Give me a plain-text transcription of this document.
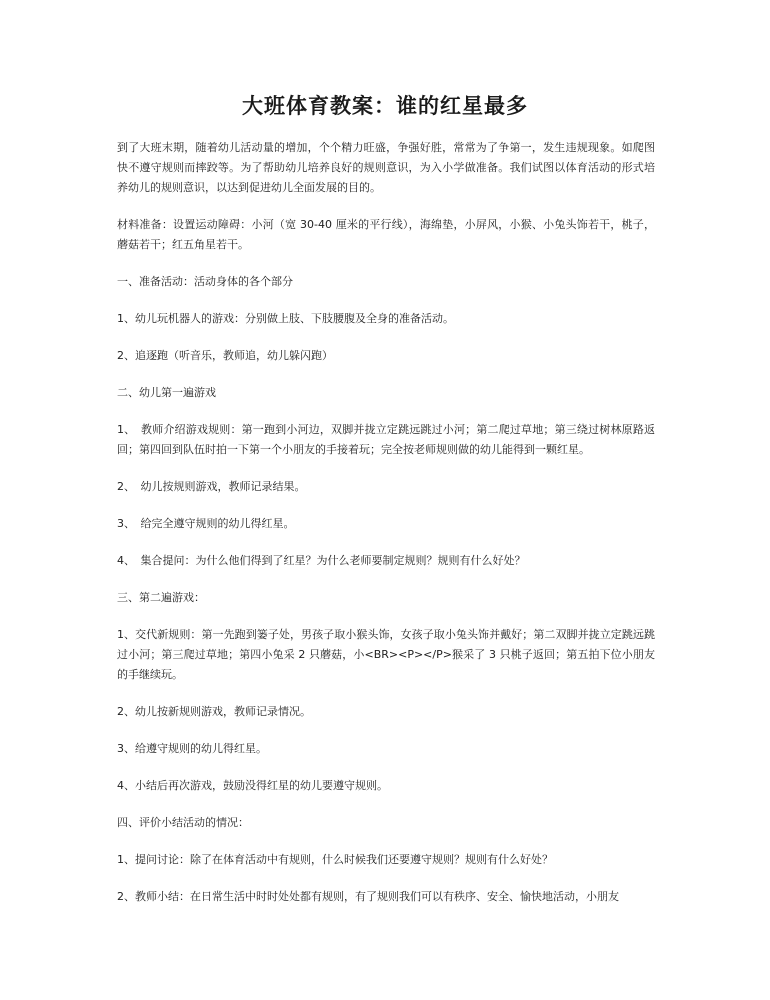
大班体育教案：谁的红星最多

到了大班末期，随着幼儿活动量的增加，个个精力旺盛，争强好胜，常常为了争第一，发生违规现象。如爬图快不遵守规则而摔跤等。为了帮助幼儿培养良好的规则意识，为入小学做准备。我们试图以体育活动的形式培养幼儿的规则意识，以达到促进幼儿全面发展的目的。

材料准备：设置运动障碍：小河（宽 30-40 厘米的平行线），海绵垫，小屏风，小猴、小兔头饰若干，桃子，蘑菇若干；红五角星若干。

一、准备活动：活动身体的各个部分

1、幼儿玩机器人的游戏：分别做上肢、下肢腰腹及全身的准备活动。

2、追逐跑（听音乐，教师追，幼儿躲闪跑）

二、幼儿第一遍游戏

1、　教师介绍游戏规则：第一跑到小河边，双脚并拢立定跳远跳过小河；第二爬过草地；第三绕过树林原路返回；第四回到队伍时拍一下第一个小朋友的手接着玩；完全按老师规则做的幼儿能得到一颗红星。

2、　幼儿按规则游戏，教师记录结果。

3、　给完全遵守规则的幼儿得红星。

4、　集合提问：为什么他们得到了红星？为什么老师要制定规则？规则有什么好处？

三、第二遍游戏：

1、交代新规则：第一先跑到篓子处，男孩子取小猴头饰，女孩子取小兔头饰并戴好；第二双脚并拢立定跳远跳过小河；第三爬过草地；第四小兔采 2 只蘑菇，小<BR><P></P>猴采了 3 只桃子返回；第五拍下位小朋友的手继续玩。

2、幼儿按新规则游戏，教师记录情况。

3、给遵守规则的幼儿得红星。

4、小结后再次游戏，鼓励没得红星的幼儿要遵守规则。

四、评价小结活动的情况：

1、提问讨论：除了在体育活动中有规则，什么时候我们还要遵守规则？规则有什么好处？

2、教师小结：在日常生活中时时处处都有规则，有了规则我们可以有秩序、安全、愉快地活动，小朋友
